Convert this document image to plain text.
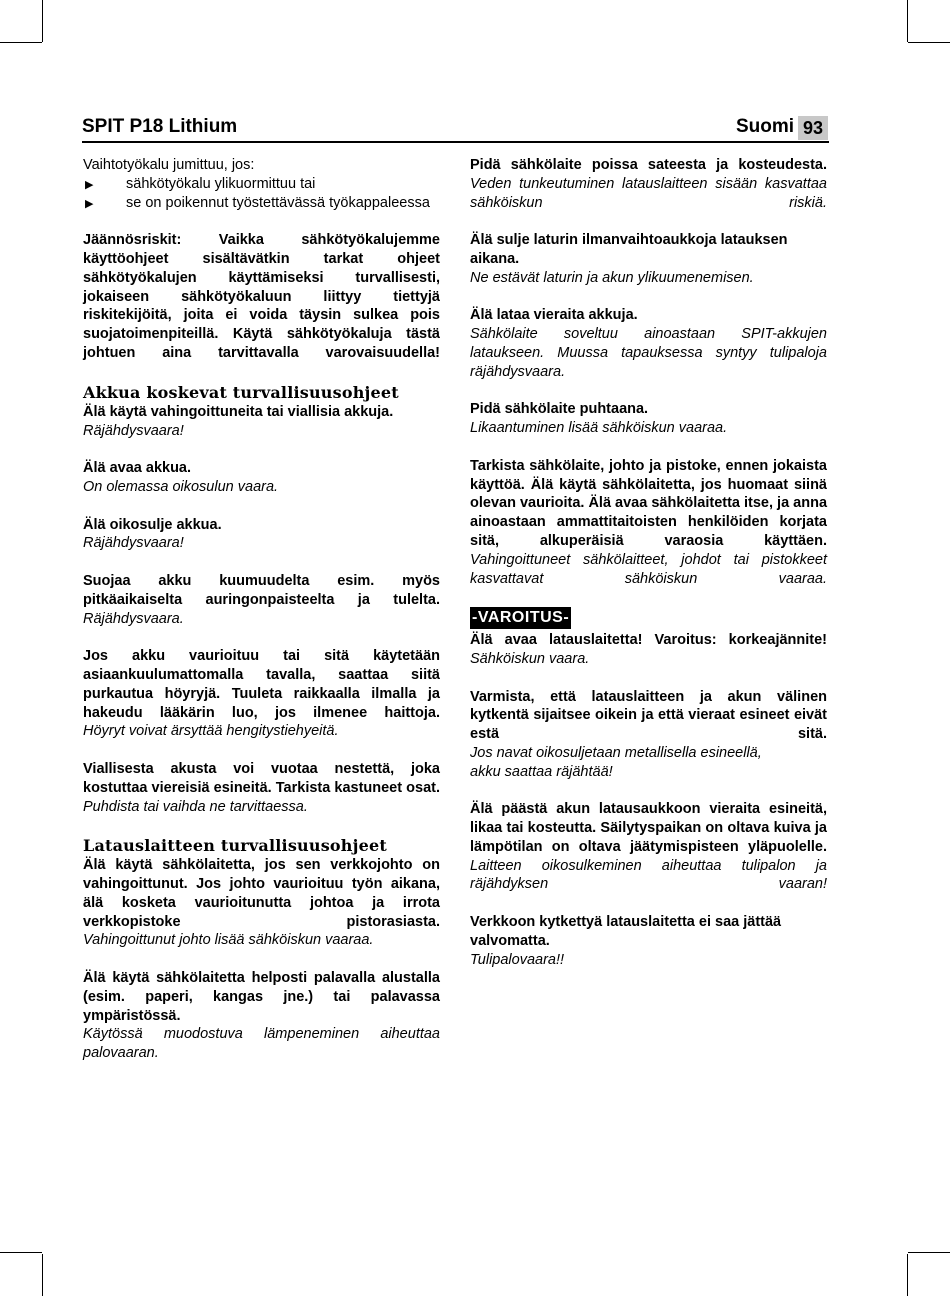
SPIT P18 Lithium	Suomi 93

Vaihtotyökalu jumittuu, jos:

▶ sähkötyökalu ylikuormittuu tai
▶ se on poikennut työstettävässä työkappaleessa

Jäännösriskit: Vaikka sähkötyökalujemme käyttöohjeet sisältävätkin tarkat ohjeet sähkötyökalujen käyttämiseksi turvallisesti, jokaiseen sähkötyökaluun liittyy tiettyjä riskitekijöitä, joita ei voida täysin sulkea pois suojatoimenpiteillä. Käytä sähkötyökaluja tästä johtuen aina tarvittavalla varovaisuudella!

Akkua koskevat turvallisuusohjeet

Älä käytä vahingoittuneita tai viallisia akkuja.
Räjähdysvaara!

Älä avaa akkua.
On olemassa oikosulun vaara.

Älä oikosulje akkua.
Räjähdysvaara!

Suojaa akku kuumuudelta esim. myös pitkäaikaiselta auringonpaisteelta ja tulelta.
Räjähdysvaara.

Jos akku vaurioituu tai sitä käytetään asiaankuulumattomalla tavalla, saattaa siitä purkautua höyryjä. Tuuleta raikkaalla ilmalla ja hakeudu lääkärin luo, jos ilmenee haittoja.
Höyryt voivat ärsyttää hengitystiehyeitä.

Viallisesta akusta voi vuotaa nestettä, joka kostuttaa viereisiä esineitä. Tarkista kastuneet osat.
Puhdista tai vaihda ne tarvittaessa.

Latauslaitteen turvallisuusohjeet

Älä käytä sähkölaitetta, jos sen verkkojohto on vahingoittunut. Jos johto vaurioituu työn aikana, älä kosketa vaurioitunutta johtoa ja irrota verkkopistoke pistorasiasta.
Vahingoittunut johto lisää sähköiskun vaaraa.

Älä käytä sähkölaitetta helposti palavalla alustalla (esim. paperi, kangas jne.) tai palavassa ympäristössä.
Käytössä muodostuva lämpeneminen aiheuttaa palovaaran.

Pidä sähkölaite poissa sateesta ja kosteudesta.
Veden tunkeutuminen latauslaitteen sisään kasvattaa sähköiskun riskiä.

Älä sulje laturin ilmanvaihtoaukkoja latauksen aikana.
Ne estävät laturin ja akun ylikuumenemisen.

Älä lataa vieraita akkuja.
Sähkölaite soveltuu ainoastaan SPIT-akkujen lataukseen. Muussa tapauksessa syntyy tulipaloja räjähdysvaara.

Pidä sähkölaite puhtaana.
Likaantuminen lisää sähköiskun vaaraa.

Tarkista sähkölaite, johto ja pistoke, ennen jokaista käyttöä. Älä käytä sähkölaitetta, jos huomaat siinä olevan vaurioita. Älä avaa sähkölaitetta itse, ja anna ainoastaan ammattitaitoisten henkilöiden korjata sitä, alkuperäisiä varaosia käyttäen.
Vahingoittuneet sähkölaitteet, johdot tai pistokkeet kasvattavat sähköiskun vaaraa.

-VAROITUS-

Älä avaa latauslaitetta! Varoitus: korkeajännite!
Sähköiskun vaara.

Varmista, että latauslaitteen ja akun välinen kytkentä sijaitsee oikein ja että vieraat esineet eivät estä sitä.
Jos navat oikosuljetaan metallisella esineellä,
akku saattaa räjähtää!

Älä päästä akun latausaukkoon vieraita esineitä, likaa tai kosteutta. Säilytyspaikan on oltava kuiva ja lämpötilan on oltava jäätymispisteen yläpuolelle.
Laitteen oikosulkeminen aiheuttaa tulipalon ja räjähdyksen vaaran!

Verkkoon kytkettyä latauslaitetta ei saa jättää valvomatta.
Tulipalovaara!!
